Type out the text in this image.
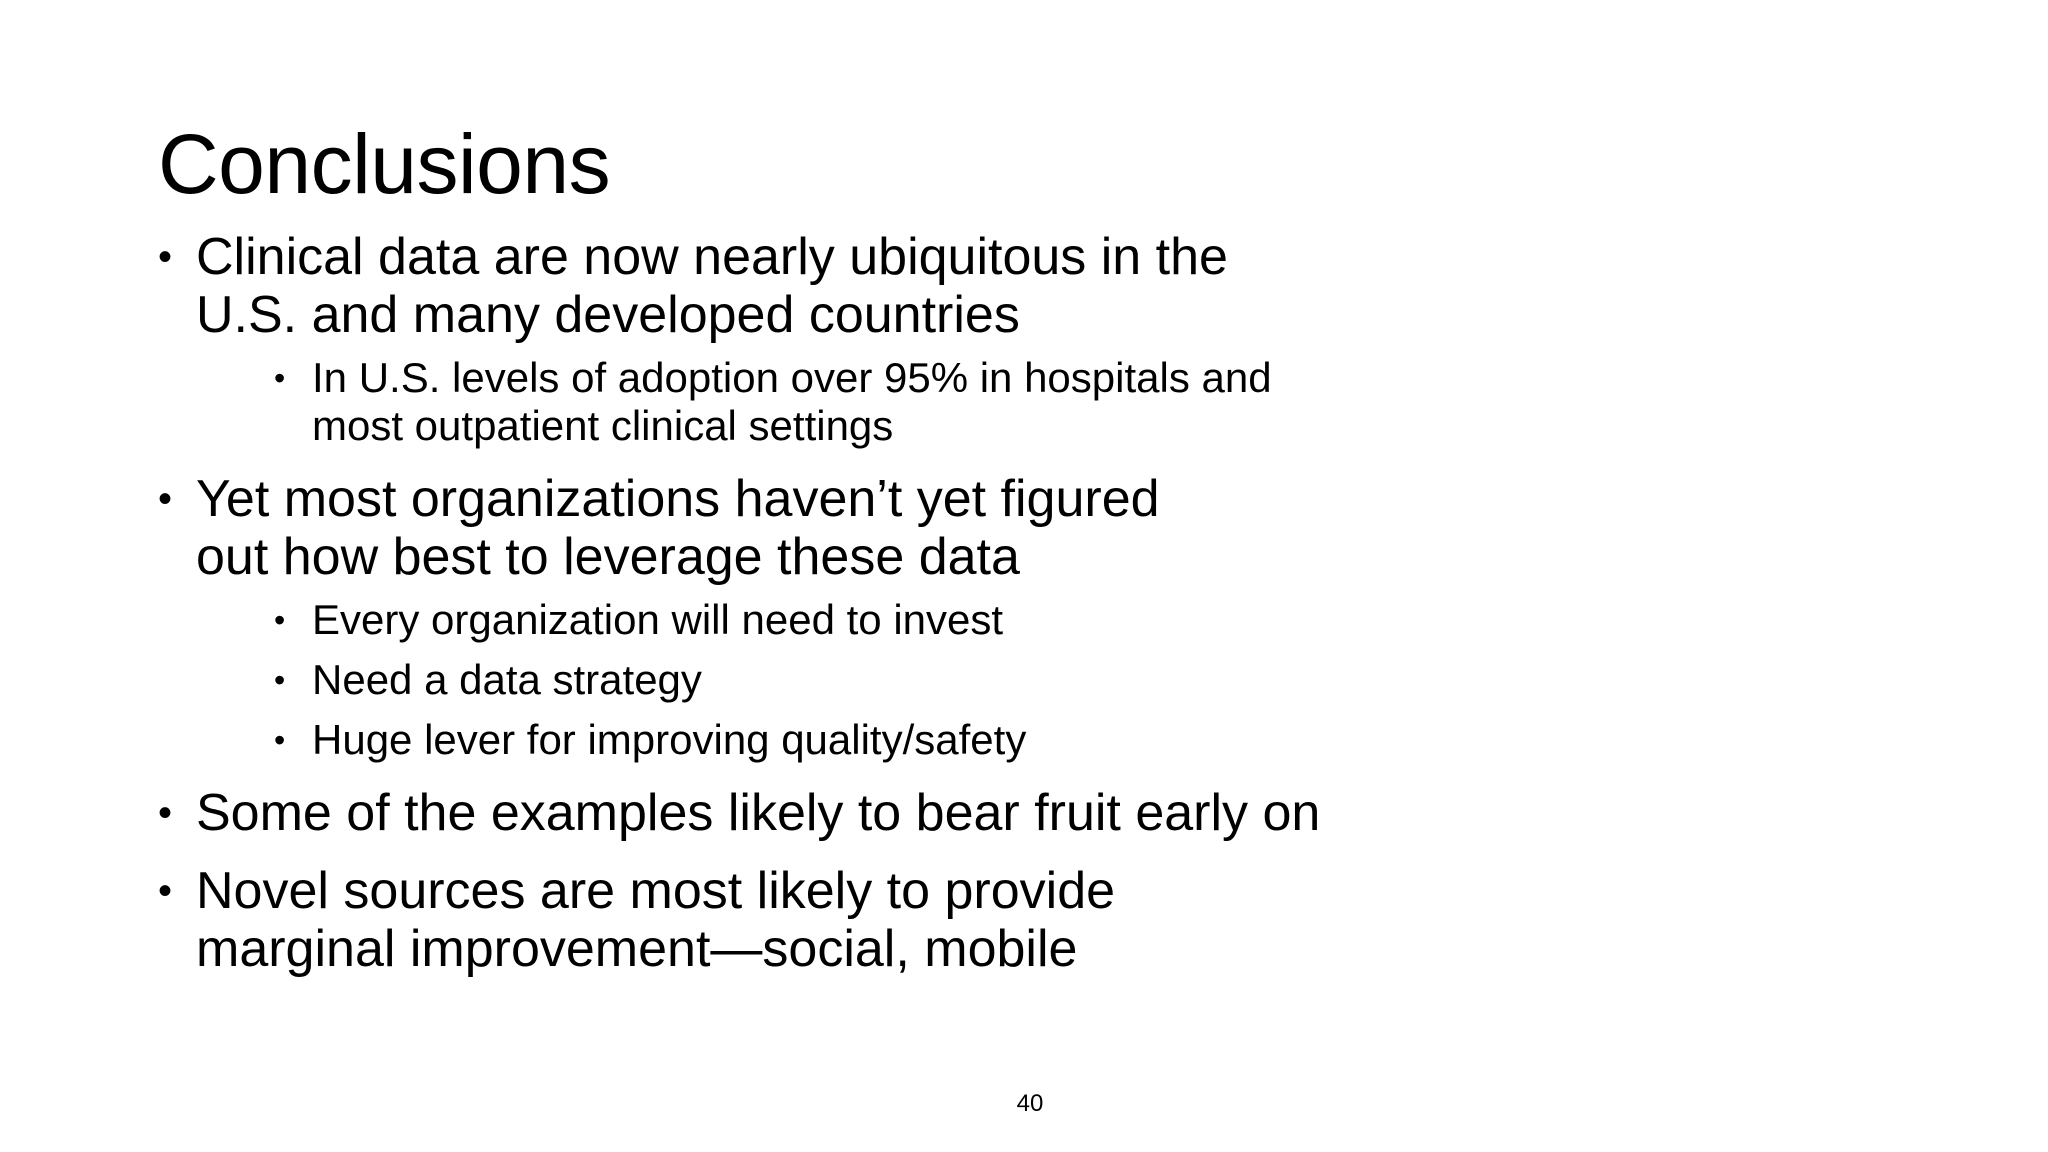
Conclusions
• Clinical data are now nearly ubiquitous in the U.S. and many developed countries
• In U.S. levels of adoption over 95% in hospitals and most outpatient clinical settings
• Yet most organizations haven’t yet figured out how best to leverage these data
• Every organization will need to invest
• Need a data strategy
• Huge lever for improving quality/safety
• Some of the examples likely to bear fruit early on
• Novel sources are most likely to provide marginal improvement—social, mobile
40
